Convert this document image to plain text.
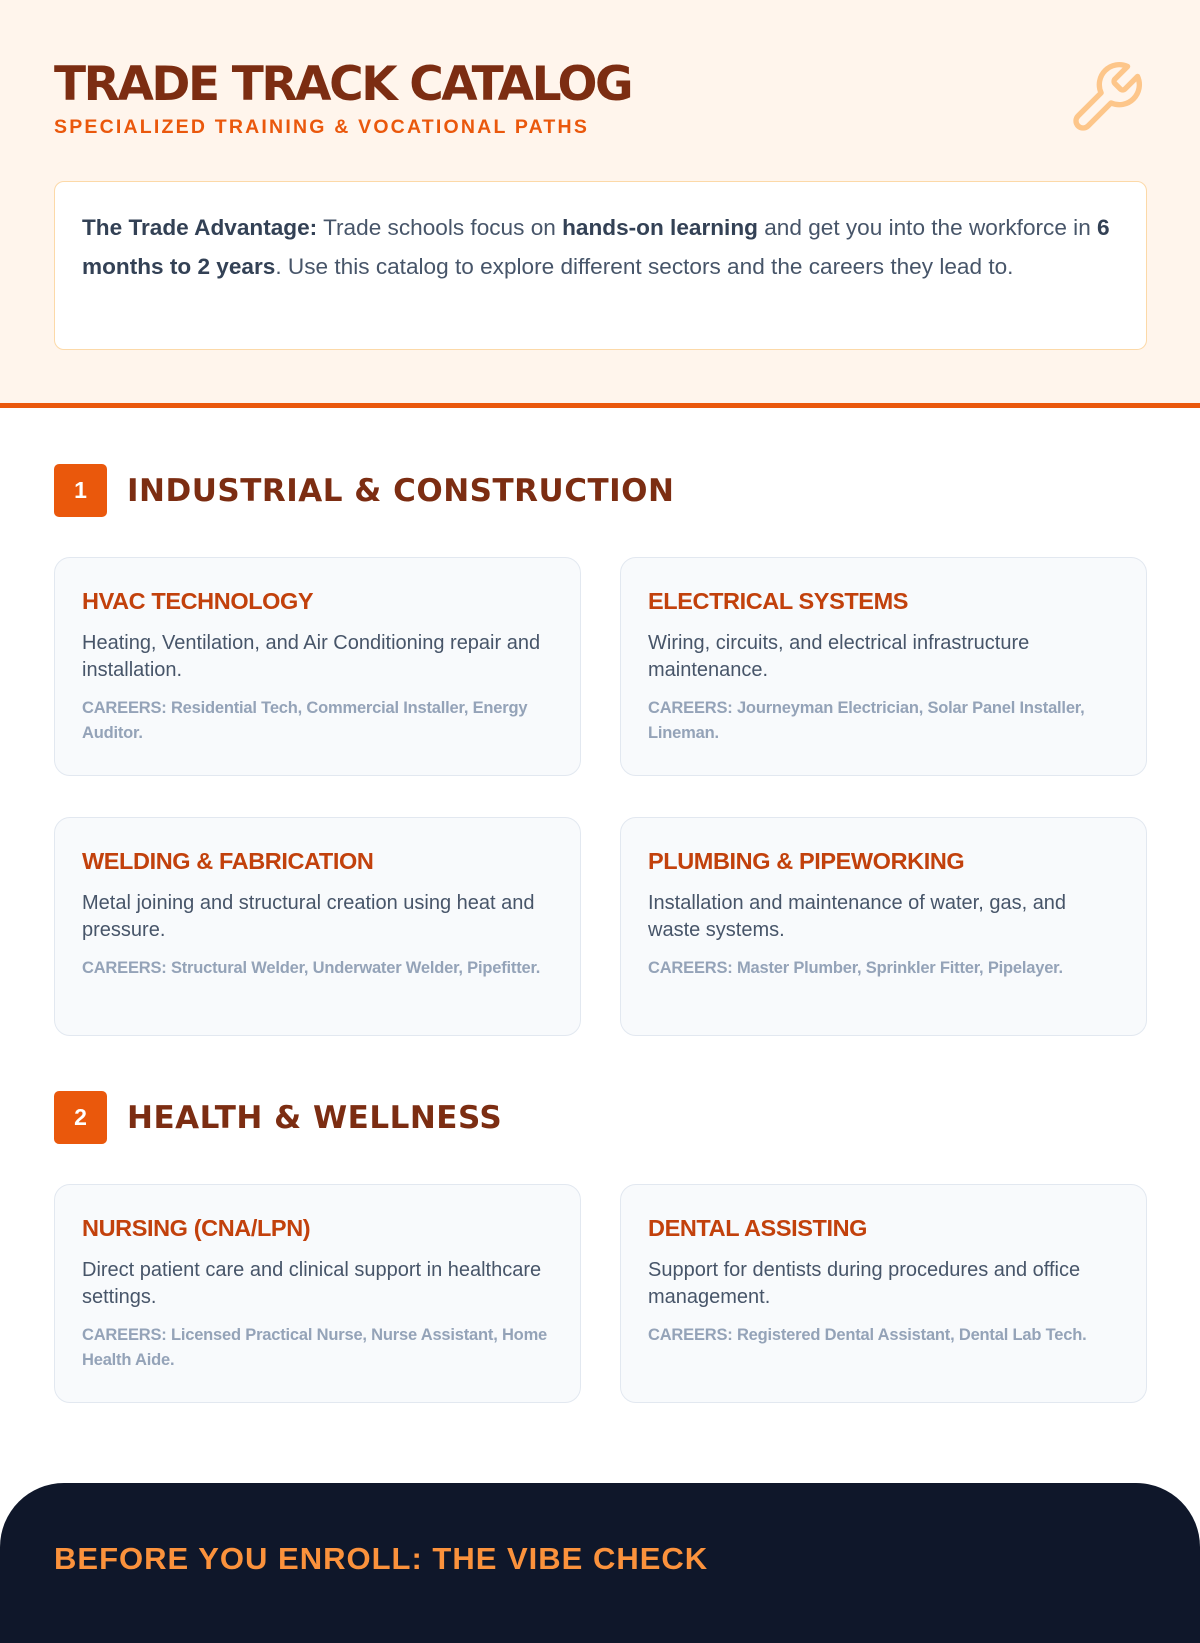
TRADE TRACK CATALOG
SPECIALIZED TRAINING & VOCATIONAL PATHS
The Trade Advantage: Trade schools focus on hands-on learning and get you into the workforce in 6 months to 2 years. Use this catalog to explore different sectors and the careers they lead to.
1	INDUSTRIAL & CONSTRUCTION
HVAC TECHNOLOGY

Heating, Ventilation, and Air Conditioning repair and installation.

CAREERS: Residential Tech, Commercial Installer, Energy Auditor.

ELECTRICAL SYSTEMS

Wiring, circuits, and electrical infrastructure maintenance.

CAREERS: Journeyman Electrician, Solar Panel Installer, Lineman.

WELDING & FABRICATION

Metal joining and structural creation using heat and pressure.

CAREERS: Structural Welder, Underwater Welder, Pipefitter.

PLUMBING & PIPEWORKING

Installation and maintenance of water, gas, and waste systems.

CAREERS: Master Plumber, Sprinkler Fitter, Pipelayer.

2	HEALTH & WELLNESS
NURSING (CNA/LPN)

Direct patient care and clinical support in healthcare settings.

CAREERS: Licensed Practical Nurse, Nurse Assistant, Home Health Aide.

DENTAL ASSISTING

Support for dentists during procedures and office management.

CAREERS: Registered Dental Assistant, Dental Lab Tech.

BEFORE YOU ENROLL: THE VIBE CHECK
